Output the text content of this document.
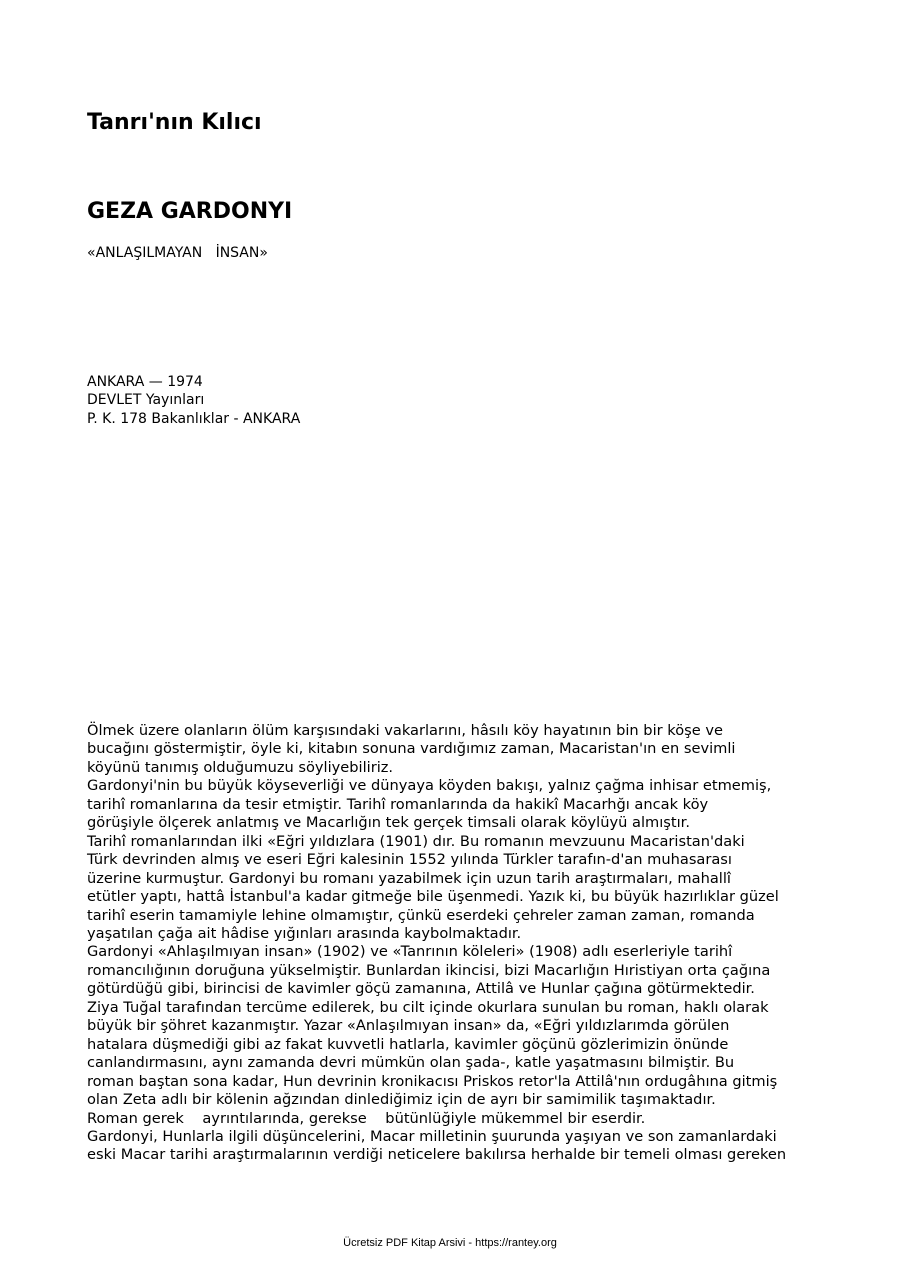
Tanrı'nın Kılıcı
GEZA GARDONYI

«ANLAŞILMAYAN   İNSAN»

ANKARA — 1974
DEVLET Yayınları
P. K. 178 Bakanlıklar - ANKARA
Ölmek üzere olanların ölüm karşısındaki vakarlarını, hâsılı köy hayatının bin bir köşe ve
bucağını göstermiştir, öyle ki, kitabın sonuna vardığımız zaman, Macaristan'ın en sevimli
köyünü tanımış olduğumuzu söyliyebiliriz.
Gardonyi'nin bu büyük köyseverliği ve dünyaya köyden bakışı, yalnız çağma inhisar etmemiş,
tarihî romanlarına da tesir etmiştir. Tarihî romanlarında da hakikî Macarhğı ancak köy
görüşiyle ölçerek anlatmış ve Macarlığın tek gerçek timsali olarak köylüyü almıştır.
Tarihî romanlarından ilki «Eğri yıldızlara (1901) dır. Bu romanın mevzuunu Macaristan'daki
Türk devrinden almış ve eseri Eğri kalesinin 1552 yılında Türkler tarafın-d'an muhasarası
üzerine kurmuştur. Gardonyi bu romanı yazabilmek için uzun tarih araştırmaları, mahallî
etütler yaptı, hattâ İstanbul'a kadar gitmeğe bile üşenmedi. Yazık ki, bu büyük hazırlıklar güzel
tarihî eserin tamamiyle lehine olmamıştır, çünkü eserdeki çehreler zaman zaman, romanda
yaşatılan çağa ait hâdise yığınları arasında kaybolmaktadır.
Gardonyi «Ahlaşılmıyan insan» (1902) ve «Tanrının köleleri» (1908) adlı eserleriyle tarihî
romancılığının doruğuna yükselmiştir. Bunlardan ikincisi, bizi Macarlığın Hıristiyan orta çağına
götürdüğü gibi, birincisi de kavimler göçü zamanına, Attilâ ve Hunlar çağına götürmektedir.
Ziya Tuğal tarafından tercüme edilerek, bu cilt içinde okurlara sunulan bu roman, haklı olarak
büyük bir şöhret kazanmıştır. Yazar «Anlaşılmıyan insan» da, «Eğri yıldızlarımda görülen
hatalara düşmediği gibi az fakat kuvvetli hatlarla, kavimler göçünü gözlerimizin önünde
canlandırmasını, aynı zamanda devri mümkün olan şada-, katle yaşatmasını bilmiştir. Bu
roman baştan sona kadar, Hun devrinin kronikacısı Priskos retor'la Attilâ'nın ordugâhına gitmiş
olan Zeta adlı bir kölenin ağzından dinlediğimiz için de ayrı bir samimilik taşımaktadır.
Roman gerek    ayrıntılarında, gerekse    bütünlüğiyle mükemmel bir eserdir.
Gardonyi, Hunlarla ilgili düşüncelerini, Macar milletinin şuurunda yaşıyan ve son zamanlardaki
eski Macar tarihi araştırmalarının verdiği neticelere bakılırsa herhalde bir temeli olması gereken
Ücretsiz PDF Kitap Arsivi - https://rantey.org
